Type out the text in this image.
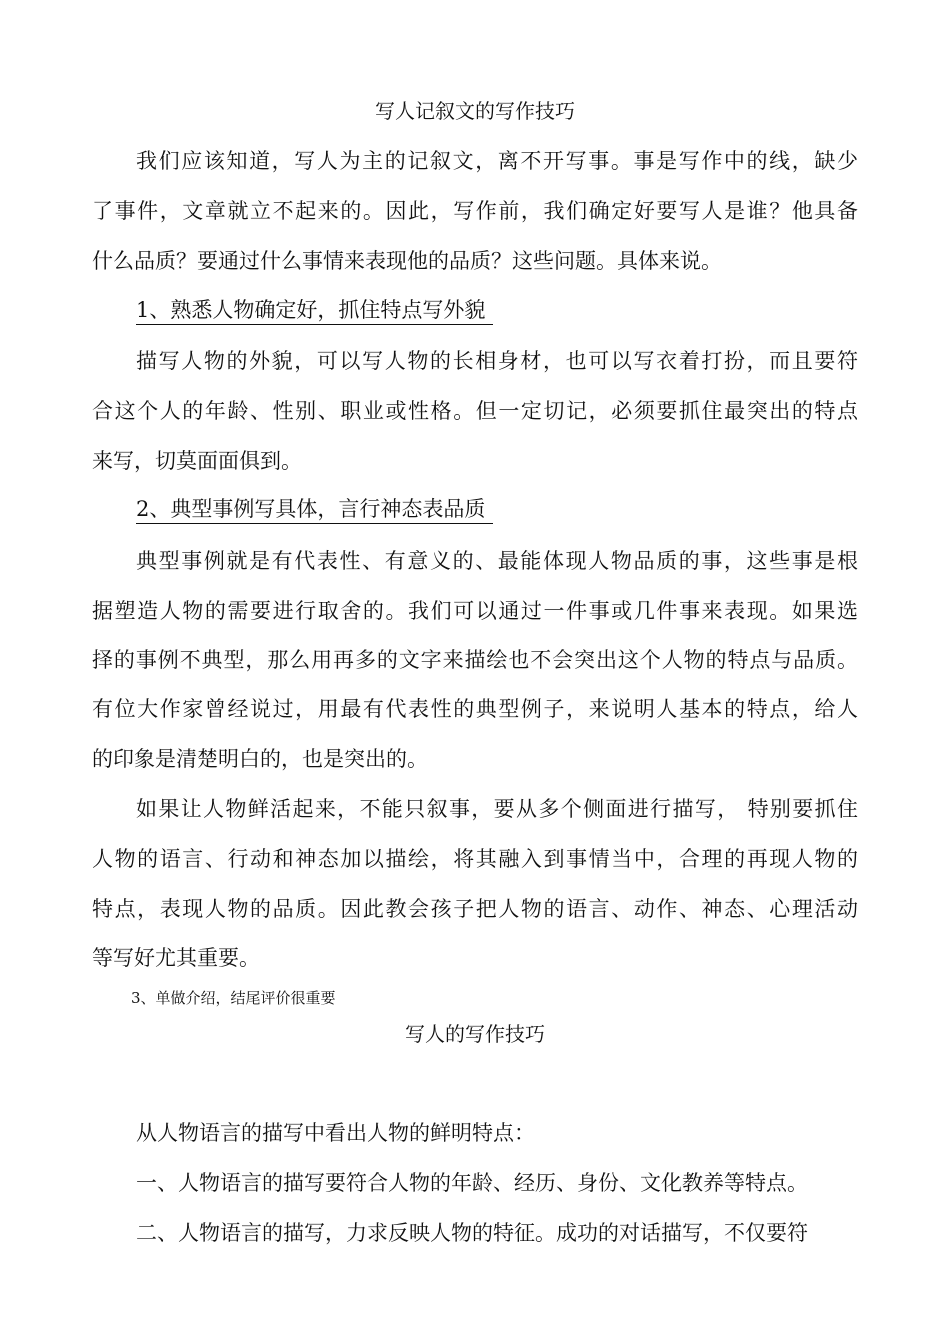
写人记叙文的写作技巧
我们应该知道，写人为主的记叙文，离不开写事。事是写作中的线，缺少
了事件，文章就立不起来的。因此，写作前，我们确定好要写人是谁？他具备
什么品质？要通过什么事情来表现他的品质？这些问题。具体来说。
1、熟悉人物确定好，抓住特点写外貌
描写人物的外貌，可以写人物的长相身材，也可以写衣着打扮，而且要符
合这个人的年龄、性别、职业或性格。但一定切记，必须要抓住最突出的特点
来写，切莫面面俱到。
2、典型事例写具体，言行神态表品质
典型事例就是有代表性、有意义的、最能体现人物品质的事，这些事是根
据塑造人物的需要进行取舍的。我们可以通过一件事或几件事来表现。如果选
择的事例不典型，那么用再多的文字来描绘也不会突出这个人物的特点与品质。
有位大作家曾经说过，用最有代表性的典型例子，来说明人基本的特点，给人
的印象是清楚明白的，也是突出的。
如果让人物鲜活起来，不能只叙事，要从多个侧面进行描写， 特别要抓住
人物的语言、行动和神态加以描绘，将其融入到事情当中，合理的再现人物的
特点，表现人物的品质。因此教会孩子把人物的语言、动作、神态、心理活动
等写好尤其重要。
3、单做介绍，结尾评价很重要
写人的写作技巧
从人物语言的描写中看出人物的鲜明特点：
一、人物语言的描写要符合人物的年龄、经历、身份、文化教养等特点。
二、人物语言的描写，力求反映人物的特征。成功的对话描写，不仅要符
